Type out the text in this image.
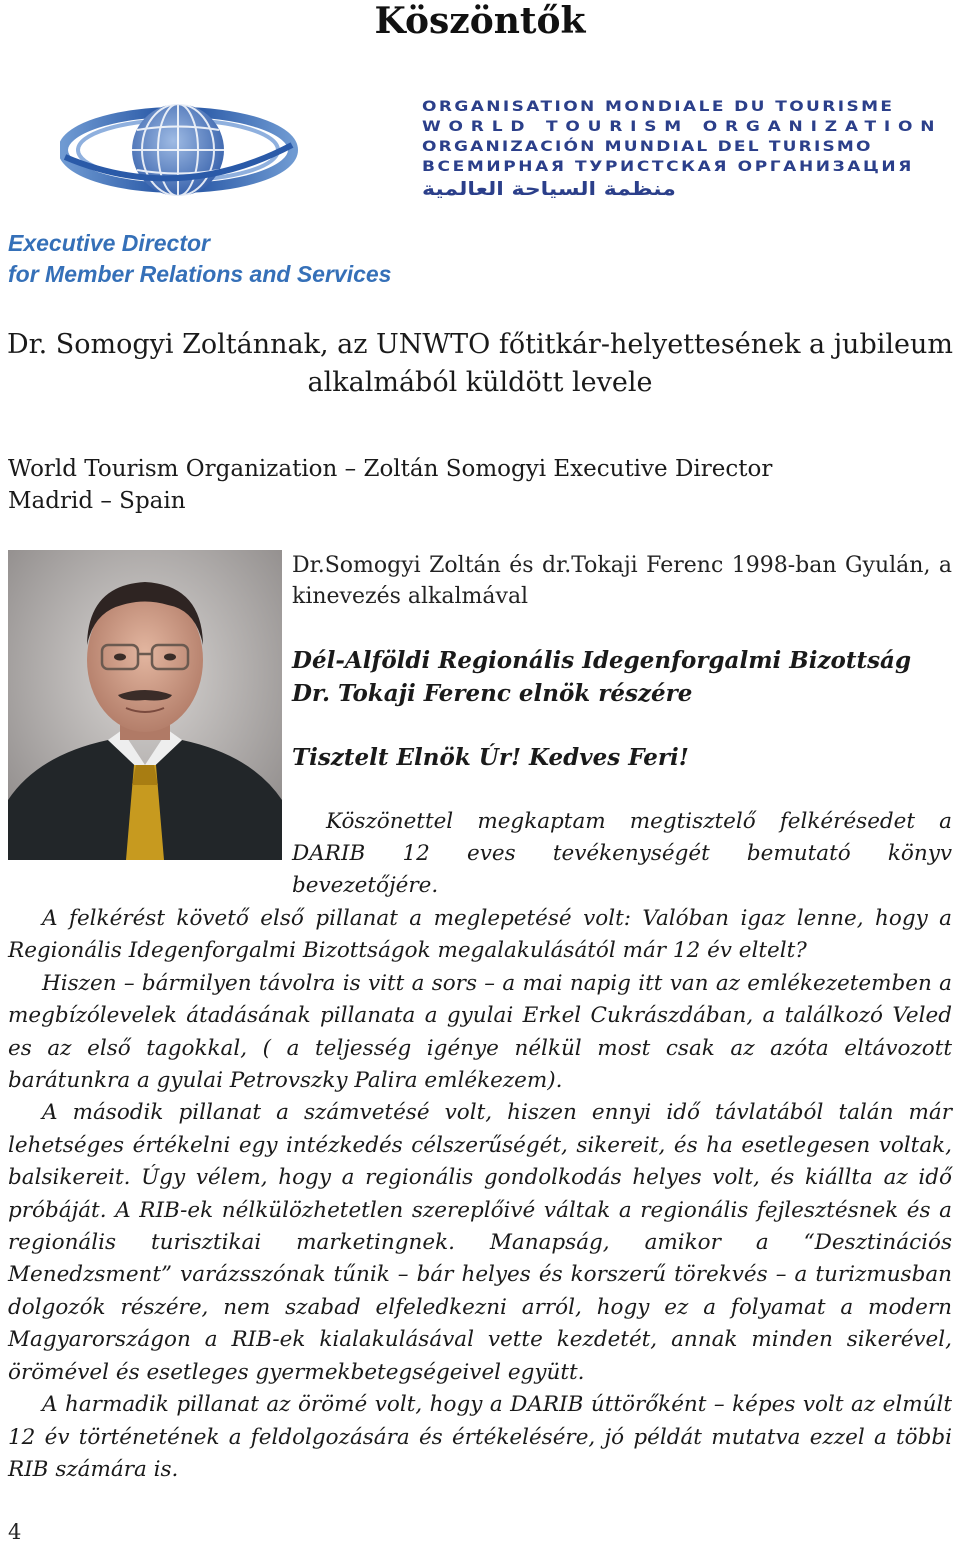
Köszöntők
ORGANISATION MONDIALE DU TOURISME
WORLD TOURISM ORGANIZATION
ORGANIZACIÓN MUNDIAL DEL TURISMO
ВСЕМИРНАЯ ТУРИСТСКАЯ ОРГАНИЗАЦИЯ
منظمة السياحة العالمية
Executive Director
for Member Relations and Services
Dr. Somogyi Zoltánnak, az UNWTO főtitkár-helyettesének a jubileum alkalmából küldött levele
World Tourism Organization – Zoltán Somogyi Executive Director
Madrid – Spain
Dr.Somogyi Zoltán és dr.Tokaji Ferenc 1998-ban Gyulán, a kinevezés alkalmával
Dél-Alföldi Regionális Idegenforgalmi Bizottság Dr. Tokaji Ferenc elnök részére
Tisztelt Elnök Úr! Kedves Feri!
Köszönettel megkaptam megtisztelő felkérésedet a DARIB 12 eves tevékenységét bemutató könyv bevezetőjére.

A felkérést követő első pillanat a meglepetésé volt: Valóban igaz lenne, hogy a Regionális Idegenforgalmi Bizottságok megalakulásától már 12 év eltelt?

Hiszen – bármilyen távolra is vitt a sors – a mai napig itt van az emlékezetemben a megbízólevelek átadásának pillanata a gyulai Erkel Cukrászdában, a találkozó Veled es az első tagokkal, ( a teljesség igénye nélkül most csak az azóta eltávozott barátunkra a gyulai Petrovszky Palira emlékezem).

A második pillanat a számvetésé volt, hiszen ennyi idő távlatából talán már lehetséges értékelni egy intézkedés célszerűségét, sikereit, és ha esetlegesen voltak, balsikereit. Úgy vélem, hogy a regionális gondolkodás helyes volt, és kiállta az idő próbáját. A RIB-ek nélkülözhetetlen szereplőivé váltak a regionális fejlesztésnek és a regionális turisztikai marketingnek. Manapság, amikor a “Desztinációs Menedzsment” varázsszónak tűnik – bár helyes és korszerű törekvés – a turizmusban dolgozók részére, nem szabad elfeledkezni arról, hogy ez a folyamat a modern Magyarországon a RIB-ek kialakulásával vette kezdetét, annak minden sikerével, örömével és esetleges gyermekbetegségeivel együtt.

A harmadik pillanat az örömé volt, hogy a DARIB úttörőként – képes volt az elmúlt 12 év történetének a feldolgozására és értékelésére, jó példát mutatva ezzel a többi RIB számára is.

4
